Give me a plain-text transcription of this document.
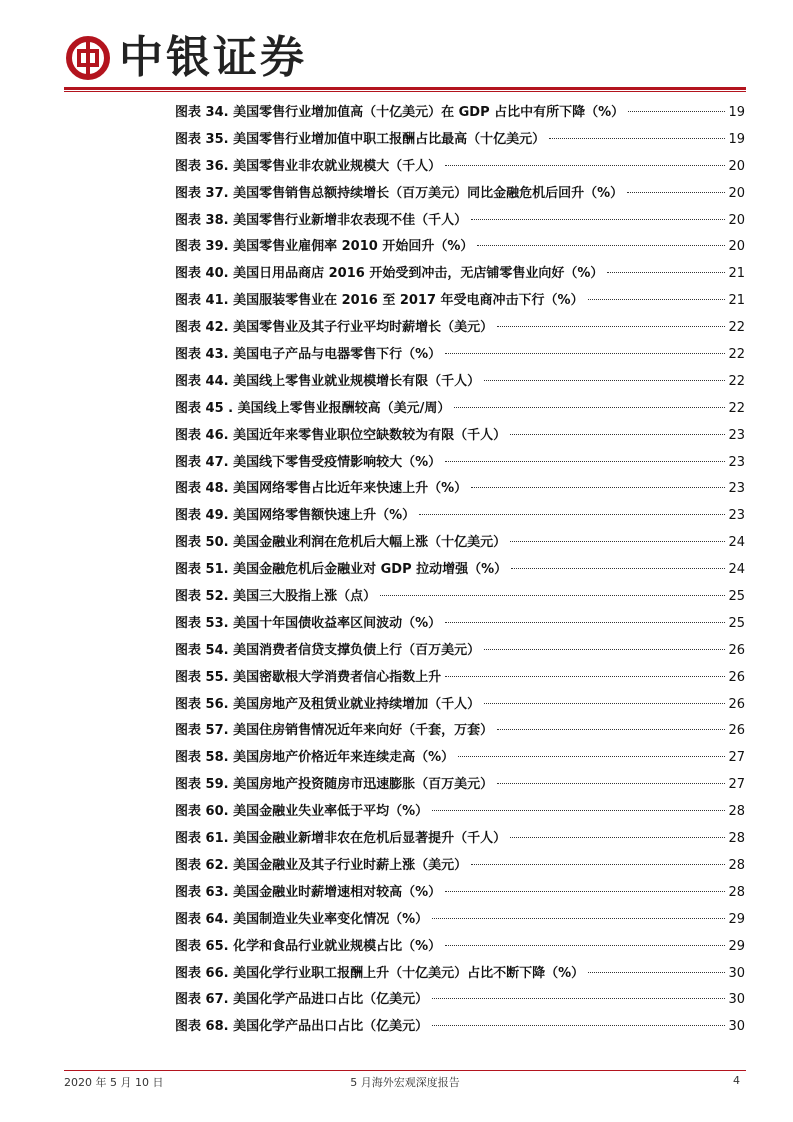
中银证券
图表 34. 美国零售行业增加值高（十亿美元）在 GDP 占比中有所下降（%）	19
图表 35. 美国零售行业增加值中职工报酬占比最高（十亿美元）	19
图表 36. 美国零售业非农就业规模大（千人）	20
图表 37. 美国零售销售总额持续增长（百万美元）同比金融危机后回升（%）	20
图表 38. 美国零售行业新增非农表现不佳（千人）	20
图表 39. 美国零售业雇佣率 2010 开始回升（%）	20
图表 40. 美国日用品商店 2016 开始受到冲击，无店铺零售业向好（%）	21
图表 41. 美国服装零售业在 2016 至 2017 年受电商冲击下行（%）	21
图表 42. 美国零售业及其子行业平均时薪增长（美元）	22
图表 43. 美国电子产品与电器零售下行（%）	22
图表 44. 美国线上零售业就业规模增长有限（千人）	22
图表 45 . 美国线上零售业报酬较高（美元/周）	22
图表 46. 美国近年来零售业职位空缺数较为有限（千人）	23
图表 47. 美国线下零售受疫情影响较大（%）	23
图表 48. 美国网络零售占比近年来快速上升（%）	23
图表 49. 美国网络零售额快速上升（%）	23
图表 50. 美国金融业利润在危机后大幅上涨（十亿美元）	24
图表 51. 美国金融危机后金融业对 GDP 拉动增强（%）	24
图表 52. 美国三大股指上涨（点）	25
图表 53. 美国十年国债收益率区间波动（%）	25
图表 54. 美国消费者信贷支撑负债上行（百万美元）	26
图表 55. 美国密歇根大学消费者信心指数上升	26
图表 56. 美国房地产及租赁业就业持续增加（千人）	26
图表 57. 美国住房销售情况近年来向好（千套，万套）	26
图表 58. 美国房地产价格近年来连续走高（%）	27
图表 59. 美国房地产投资随房市迅速膨胀（百万美元）	27
图表 60. 美国金融业失业率低于平均（%）	28
图表 61. 美国金融业新增非农在危机后显著提升（千人）	28
图表 62. 美国金融业及其子行业时薪上涨（美元）	28
图表 63. 美国金融业时薪增速相对较高（%）	28
图表 64. 美国制造业失业率变化情况（%）	29
图表 65. 化学和食品行业就业规模占比（%）	29
图表 66. 美国化学行业职工报酬上升（十亿美元）占比不断下降（%）	30
图表 67. 美国化学产品进口占比（亿美元）	30
图表 68. 美国化学产品出口占比（亿美元）	30
2020 年 5 月 10 日	5 月海外宏观深度报告	4
